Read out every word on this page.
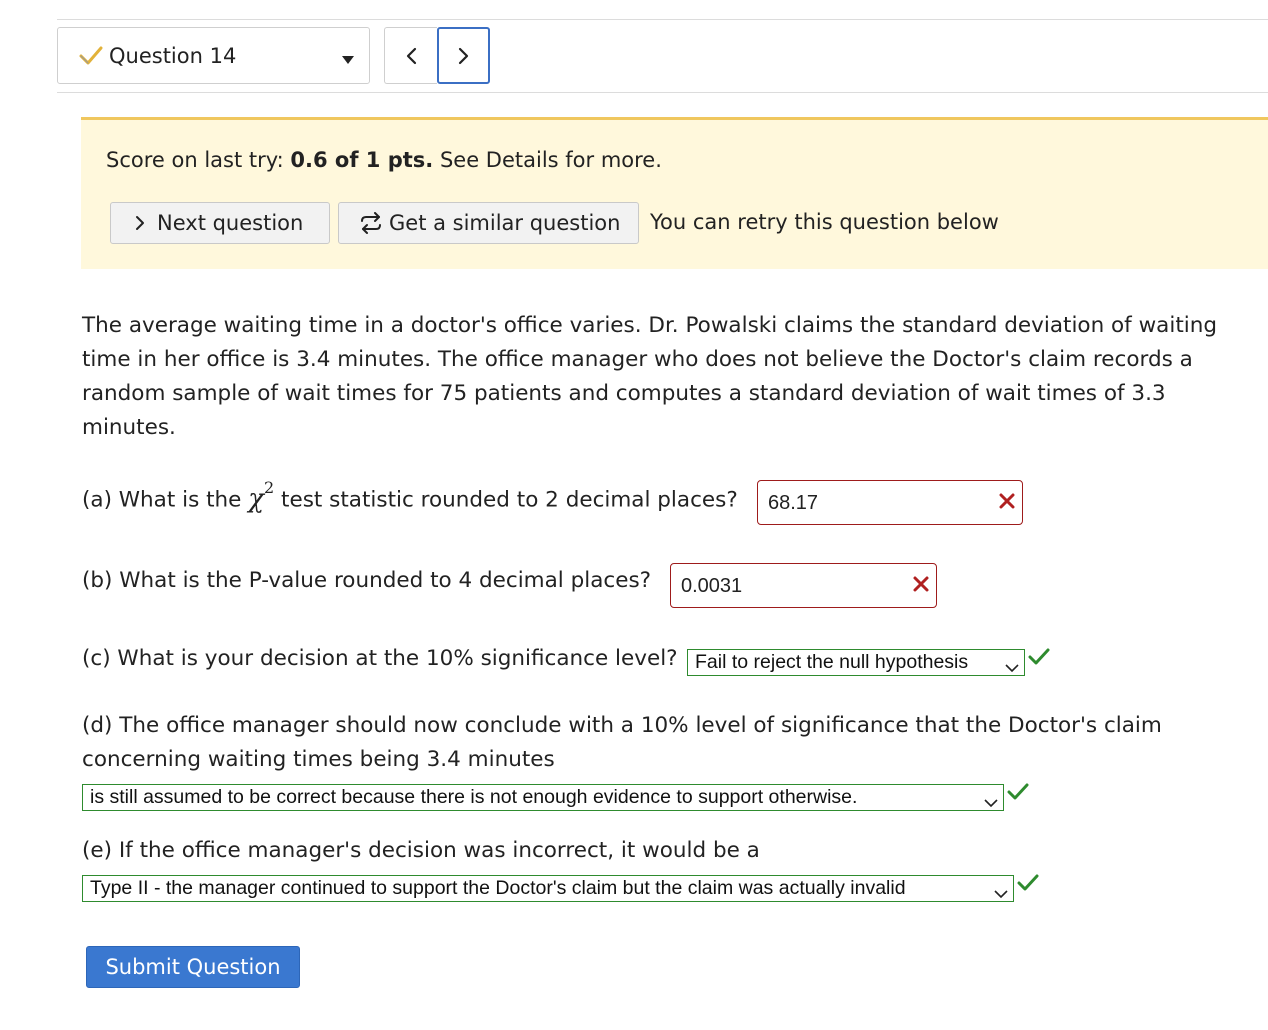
Question 14
Score on last try: 0.6 of 1 pts. See Details for more.
Next question	Get a similar question You can retry this question below
The average waiting time in a doctor's office varies. Dr. Powalski claims the standard deviation of waiting time in her office is 3.4 minutes. The office manager who does not believe the Doctor's claim records a random sample of wait times for 75 patients and computes a standard deviation of wait times of 3.3 minutes.
(a) What is the $\chi^2$ test statistic rounded to 2 decimal places? 68.17
(b) What is the P-value rounded to 4 decimal places? 0.0031
(c) What is your decision at the 10% significance level? Fail to reject the null hypothesis
(d) The office manager should now conclude with a 10% level of significance that the Doctor's claim
concerning waiting times being 3.4 minutes
is still assumed to be correct because there is not enough evidence to support otherwise.
(e) If the office manager's decision was incorrect, it would be a
Type II - the manager continued to support the Doctor's claim but the claim was actually invalid
Submit Question
